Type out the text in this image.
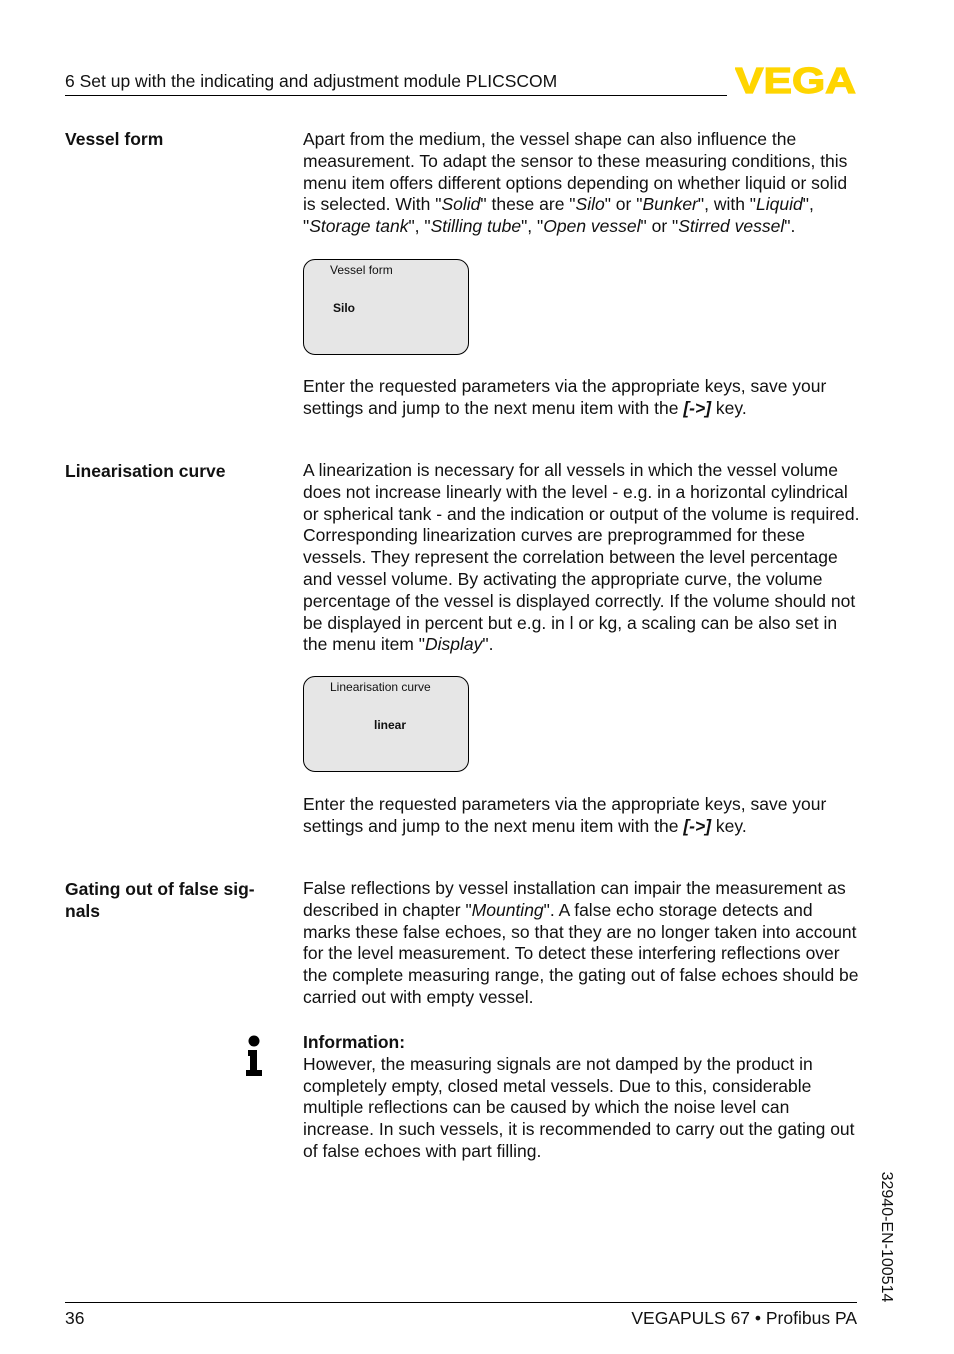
6 Set up with the indicating and adjustment module PLICSCOM	VEGA
Vessel form	Apart from the medium, the vessel shape can also influence the measurement. To adapt the sensor to these measuring conditions, this menu item offers different options depending on whether liquid or solid is selected. With "Solid" these are "Silo" or "Bunker", with "Liquid", "Storage tank", "Stilling tube", "Open vessel" or "Stirred vessel".
Vessel form
Silo
Enter the requested parameters via the appropriate keys, save your settings and jump to the next menu item with the [->] key.
Linearisation curve	A linearization is necessary for all vessels in which the vessel volume does not increase linearly with the level - e.g. in a horizontal cylindrical or spherical tank - and the indication or output of the volume is required. Corresponding linearization curves are preprogrammed for these vessels. They represent the correlation between the level percentage and vessel volume. By activating the appropriate curve, the volume percentage of the vessel is displayed correctly. If the volume should not be displayed in percent but e.g. in l or kg, a scaling can be also set in the menu item "Display".
Linearisation curve
linear
Enter the requested parameters via the appropriate keys, save your settings and jump to the next menu item with the [->] key.
Gating out of false sig-
nals
False reflections by vessel installation can impair the measurement as described in chapter "Mounting". A false echo storage detects and marks these false echoes, so that they are no longer taken into account for the level measurement. To detect these interfering reflections over the complete measuring range, the gating out of false echoes should be carried out with empty vessel.
Information:
However, the measuring signals are not damped by the product in completely empty, closed metal vessels. Due to this, considerable multiple reflections can be caused by which the noise level can increase. In such vessels, it is recommended to carry out the gating out of false echoes with part filling.
32940-EN-100514
36	VEGAPULS 67 • Profibus PA
